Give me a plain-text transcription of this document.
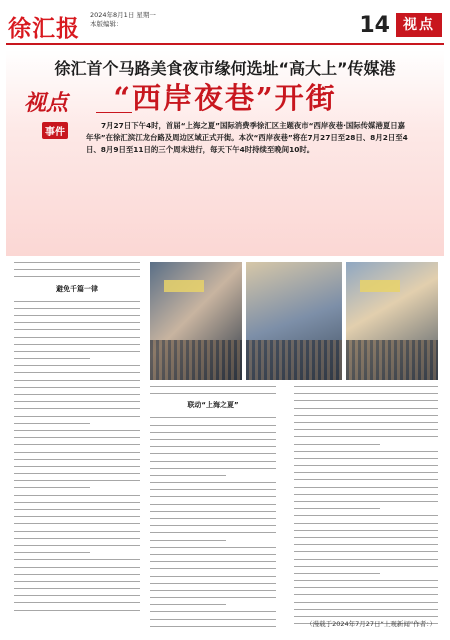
徐汇报 2024年8月1日 星期一
本版编辑：	14 视点
徐汇首个马路美食夜市缘何选址“高大上”传媒港
“西岸夜巷”开街
视点
事件
7月27日下午4时，首届“上海之夏”国际消费季徐汇区主题夜市“西岸夜巷·国际传媒港夏日嘉年华”在徐汇滨江龙台路及周边区域正式开街。本次“西岸夜巷”将在7月27日至28日、8月2日至4日、8月9日至11日的三个周末进行，每天下午4时持续至晚间10时。
避免千篇一律
联动“上海之夏”
（漫载于2024年7月27日“上观新闻”作者：）
